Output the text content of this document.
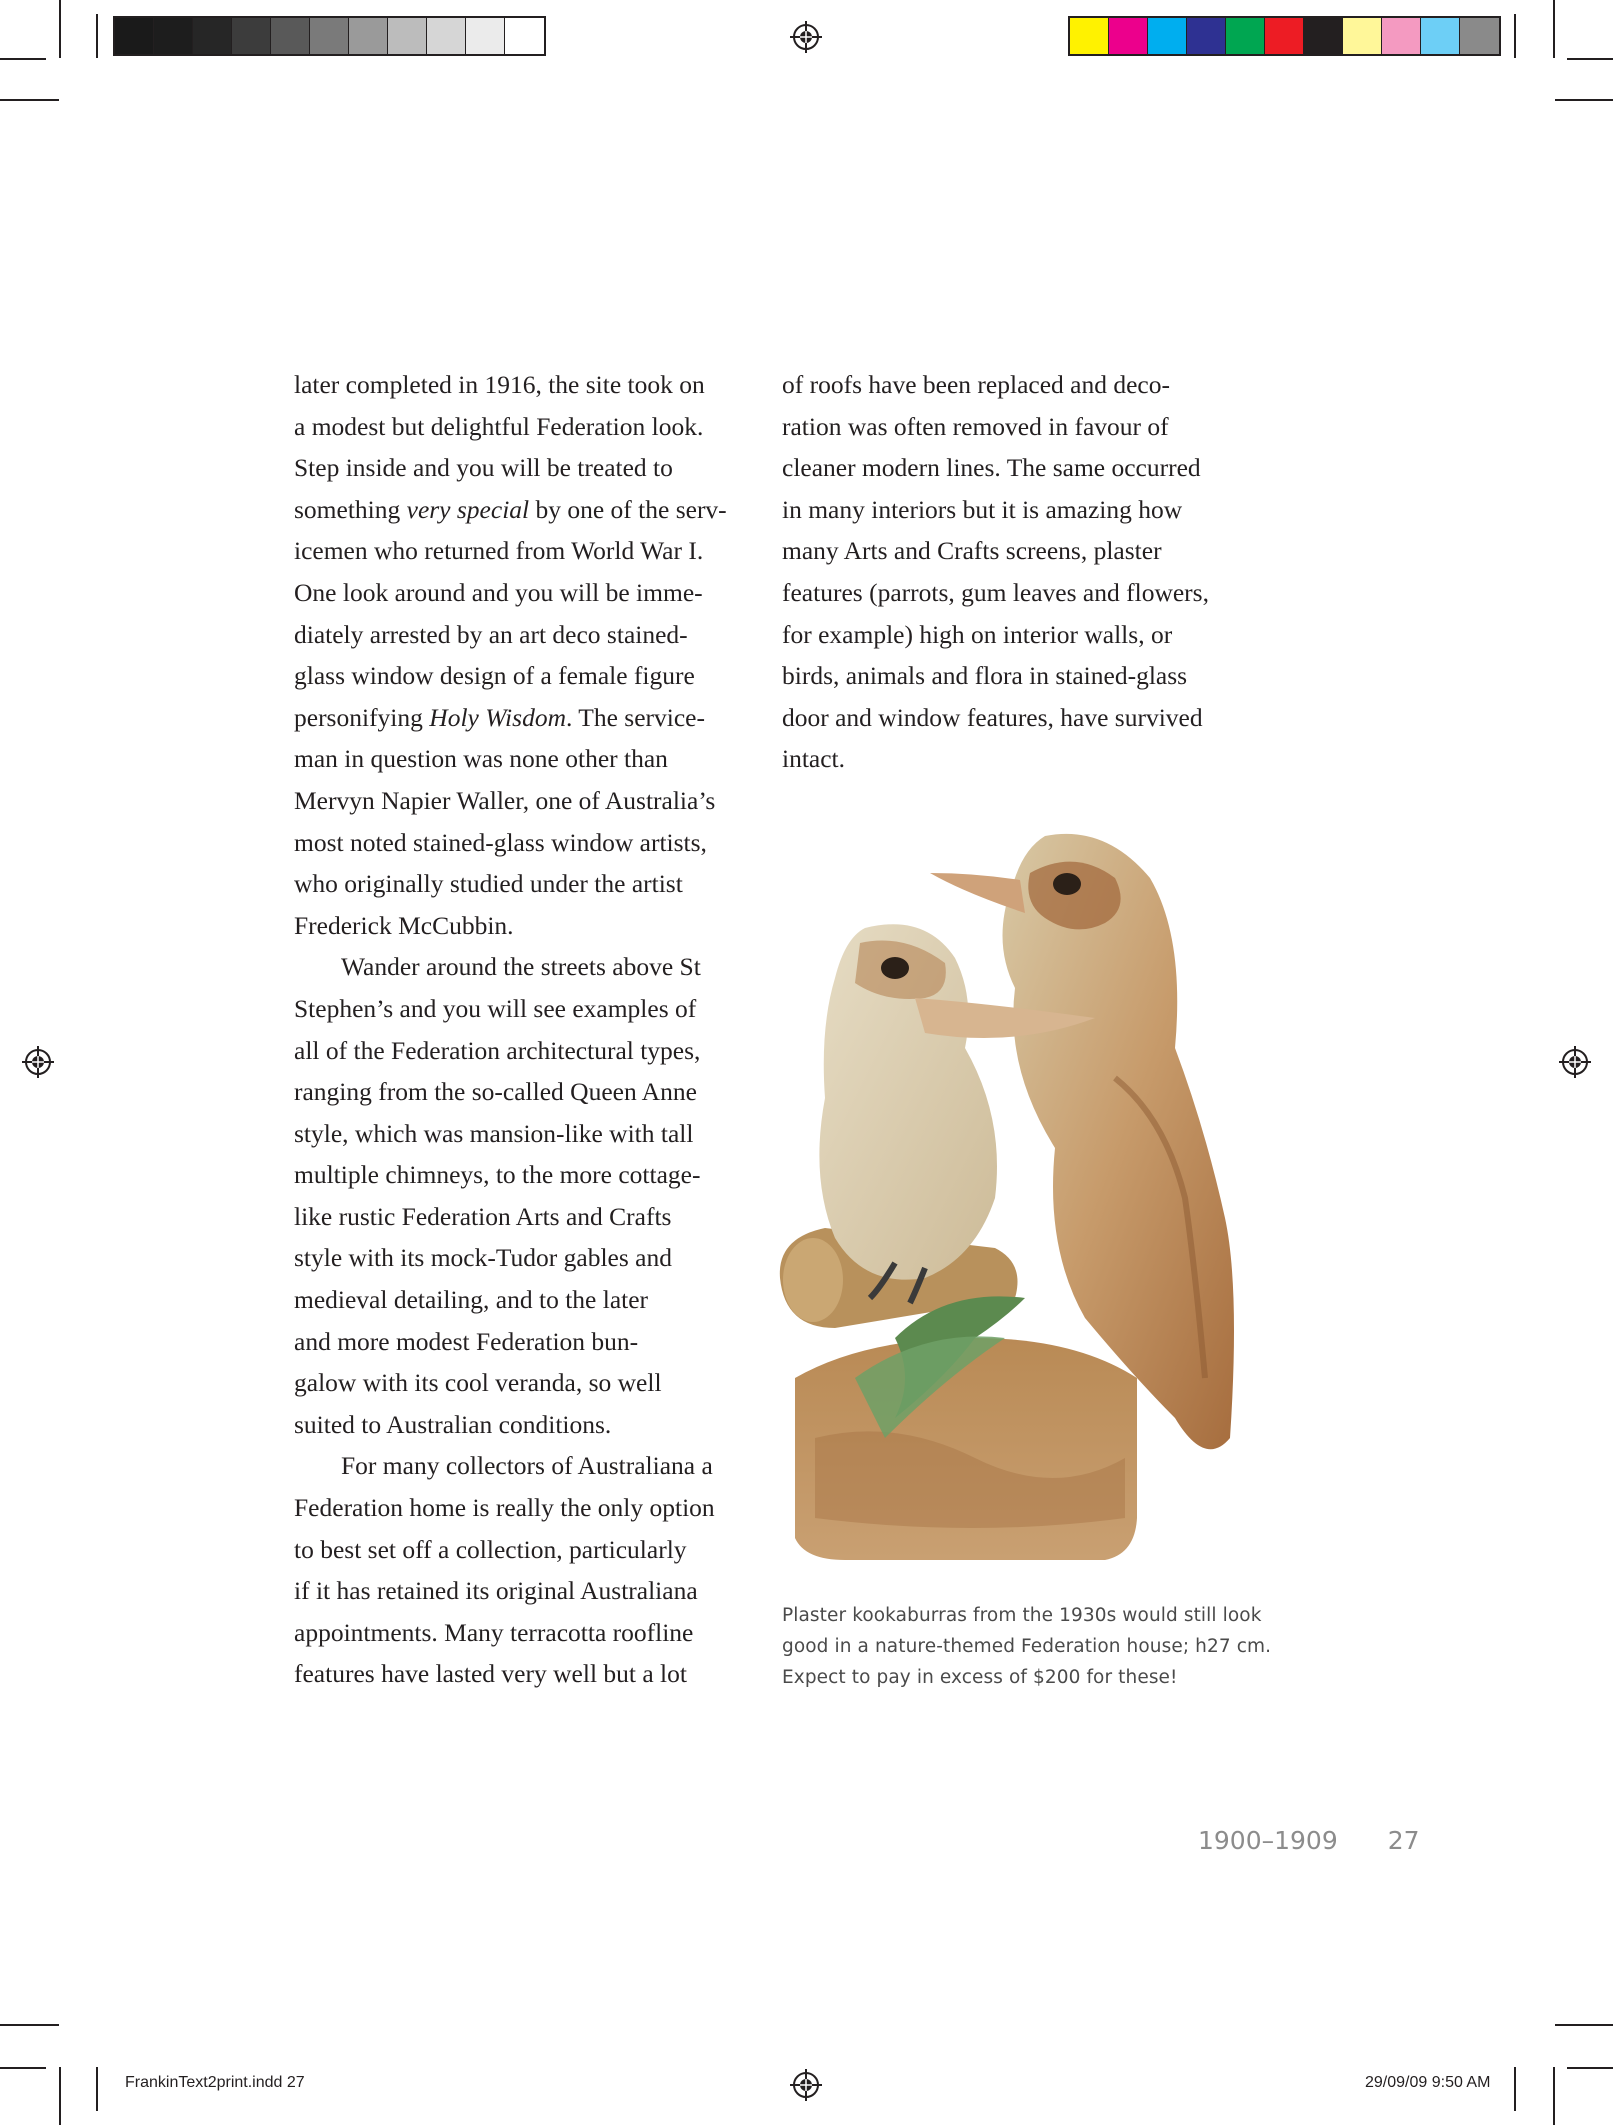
later completed in 1916, the site took on
a modest but delightful Federation look.
Step inside and you will be treated to
something very special by one of the serv-
icemen who returned from World War I.
One look around and you will be imme-
diately arrested by an art deco stained-
glass window design of a female figure
personifying Holy Wisdom. The service-
man in question was none other than
Mervyn Napier Waller, one of Australia’s
most noted stained-glass window artists,
who originally studied under the artist
Frederick McCubbin.

Wander around the streets above St
Stephen’s and you will see examples of
all of the Federation architectural types,
ranging from the so-called Queen Anne
style, which was mansion-like with tall
multiple chimneys, to the more cottage-
like rustic Federation Arts and Crafts
style with its mock-Tudor gables and
medieval detailing, and to the later
and more modest Federation bun-
galow with its cool veranda, so well
suited to Australian conditions.

For many collectors of Australiana a
Federation home is really the only option
to best set off a collection, particularly
if it has retained its original Australiana
appointments. Many terracotta roofline
features have lasted very well but a lot

of roofs have been replaced and deco-
ration was often removed in favour of
cleaner modern lines. The same occurred
in many interiors but it is amazing how
many Arts and Crafts screens, plaster
features (parrots, gum leaves and flowers,
for example) high on interior walls, or
birds, animals and flora in stained-glass
door and window features, have survived
intact.

Plaster kookaburras from the 1930s would still look
good in a nature-themed Federation house; h27 cm.
Expect to pay in excess of $200 for these!
1900–1909 27
FrankinText2print.indd 27	29/09/09 9:50 AM
